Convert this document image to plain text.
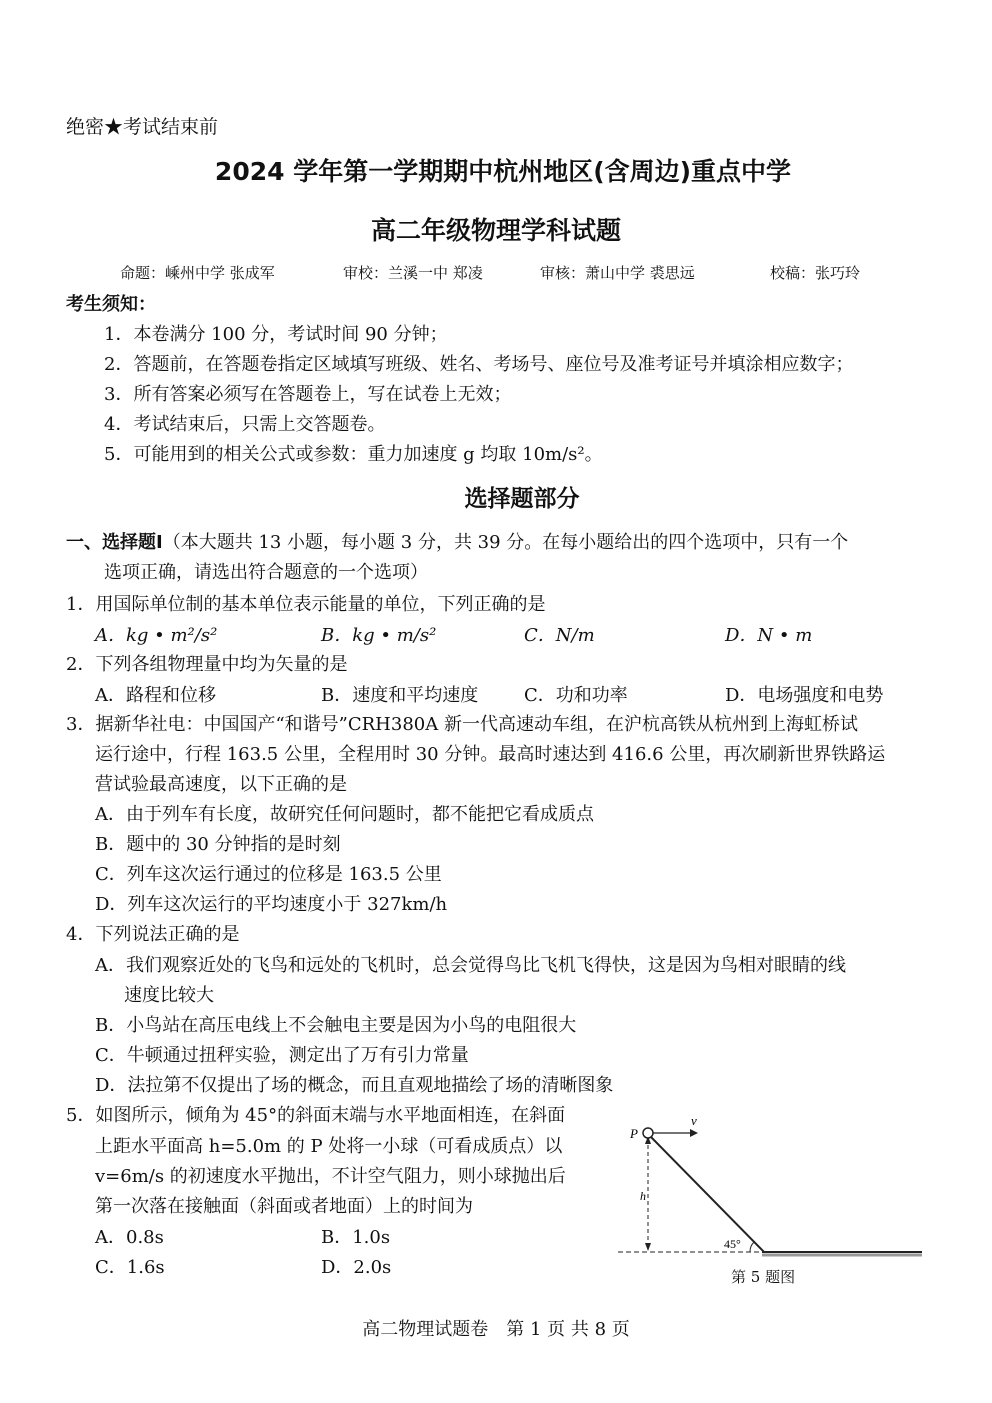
绝密★考试结束前
2024 学年第一学期期中杭州地区(含周边)重点中学
高二年级物理学科试题
命题：嵊州中学 张成军	审校：兰溪一中 郑凌	审核：萧山中学 裘思远	校稿：张巧玲
考生须知：
1．本卷满分 100 分，考试时间 90 分钟；
2．答题前，在答题卷指定区域填写班级、姓名、考场号、座位号及准考证号并填涂相应数字；
3．所有答案必须写在答题卷上，写在试卷上无效；
4．考试结束后，只需上交答题卷。
5．可能用到的相关公式或参数：重力加速度 g 均取 10m/s²。
选择题部分
一、选择题Ⅰ（本大题共 13 小题，每小题 3 分，共 39 分。在每小题给出的四个选项中，只有一个
选项正确，请选出符合题意的一个选项）
1．用国际单位制的基本单位表示能量的单位，下列正确的是
A．kg • m²/s²	B．kg • m/s²	C．N/m	D．N • m
2．下列各组物理量中均为矢量的是
A．路程和位移	B．速度和平均速度	C．功和功率	D．电场强度和电势
3．据新华社电：中国国产“和谐号”CRH380A 新一代高速动车组，在沪杭高铁从杭州到上海虹桥试
运行途中，行程 163.5 公里，全程用时 30 分钟。最高时速达到 416.6 公里，再次刷新世界铁路运
营试验最高速度，以下正确的是
A．由于列车有长度，故研究任何问题时，都不能把它看成质点
B．题中的 30 分钟指的是时刻
C．列车这次运行通过的位移是 163.5 公里
D．列车这次运行的平均速度小于 327km/h
4．下列说法正确的是
A．我们观察近处的飞鸟和远处的飞机时，总会觉得鸟比飞机飞得快，这是因为鸟相对眼睛的线
速度比较大
B．小鸟站在高压电线上不会触电主要是因为小鸟的电阻很大
C．牛顿通过扭秤实验，测定出了万有引力常量
D．法拉第不仅提出了场的概念，而且直观地描绘了场的清晰图象
5．如图所示，倾角为 45°的斜面末端与水平地面相连，在斜面
上距水平面高 h=5.0m 的 P 处将一小球（可看成质点）以
v=6m/s 的初速度水平抛出，不计空气阻力，则小球抛出后
第一次落在接触面（斜面或者地面）上的时间为
A．0.8s	B．1.0s
C．1.6s	D．2.0s
P
v
h
45°
第 5 题图
高二物理试题卷　第 1 页 共 8 页
